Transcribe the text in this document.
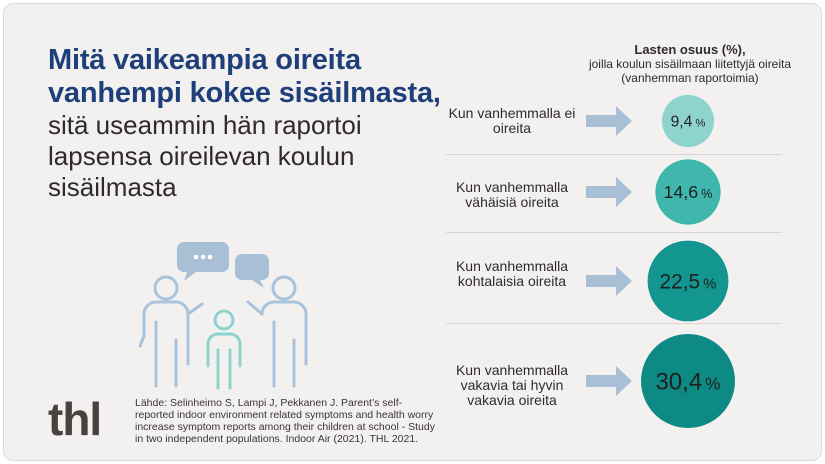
Mitä vaikeampia oireita vanhempi kokee sisäilmasta,

sitä useammin hän raportoi lapsensa oireilevan koulun sisäilmasta

thl	Lähde: Selinheimo S, Lampi J, Pekkanen J. Parent’s self-reported indoor environment related symptoms and health worry increase symptom reports among their children at school - Study in two independent populations. Indoor Air (2021). THL 2021.
Lasten osuus (%),
joilla koulun sisäilmaan liitettyjä oireita (vanhemman raportoimia)
Kun vanhemmalla ei oireita
Kun vanhemmalla vähäisiä oireita
Kun vanhemmalla kohtalaisia oireita
Kun vanhemmalla vakavia tai hyvin vakavia oireita
9,4 %
14,6 %
22,5 %
30,4 %
